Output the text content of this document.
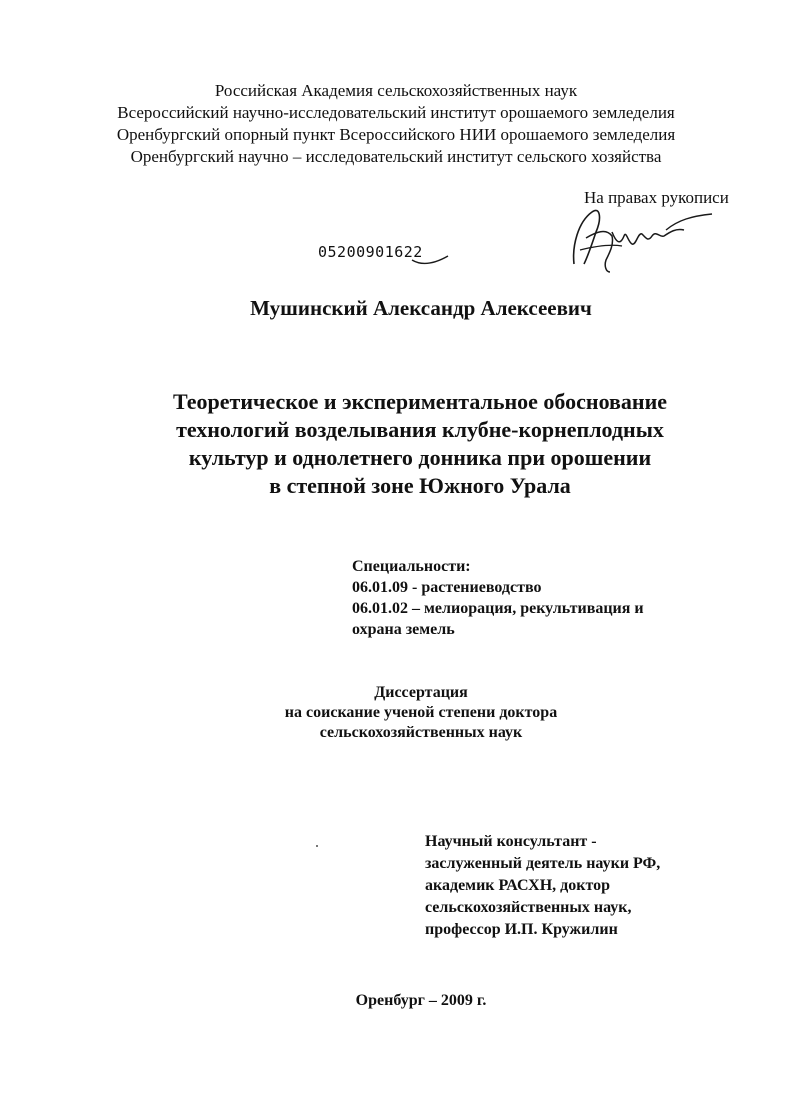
Российская Академия сельскохозяйственных наук
Всероссийский научно-исследовательский институт орошаемого земледелия
Оренбургский опорный пункт Всероссийского НИИ орошаемого земледелия
Оренбургский научно – исследовательский институт сельского хозяйства
На правах рукописи
05200901622
Мушинский Александр Алексеевич
Теоретическое и экспериментальное обоснование
технологий возделывания клубне-корнеплодных
культур и однолетнего донника при орошении
в степной зоне Южного Урала
Специальности:
06.01.09 - растениеводство
06.01.02 – мелиорация, рекультивация и
охрана земель
Диссертация
на соискание ученой степени доктора
сельскохозяйственных наук
Научный консультант -
заслуженный деятель науки РФ,
академик РАСХН, доктор
сельскохозяйственных наук,
профессор И.П. Кружилин
Оренбург – 2009 г.
